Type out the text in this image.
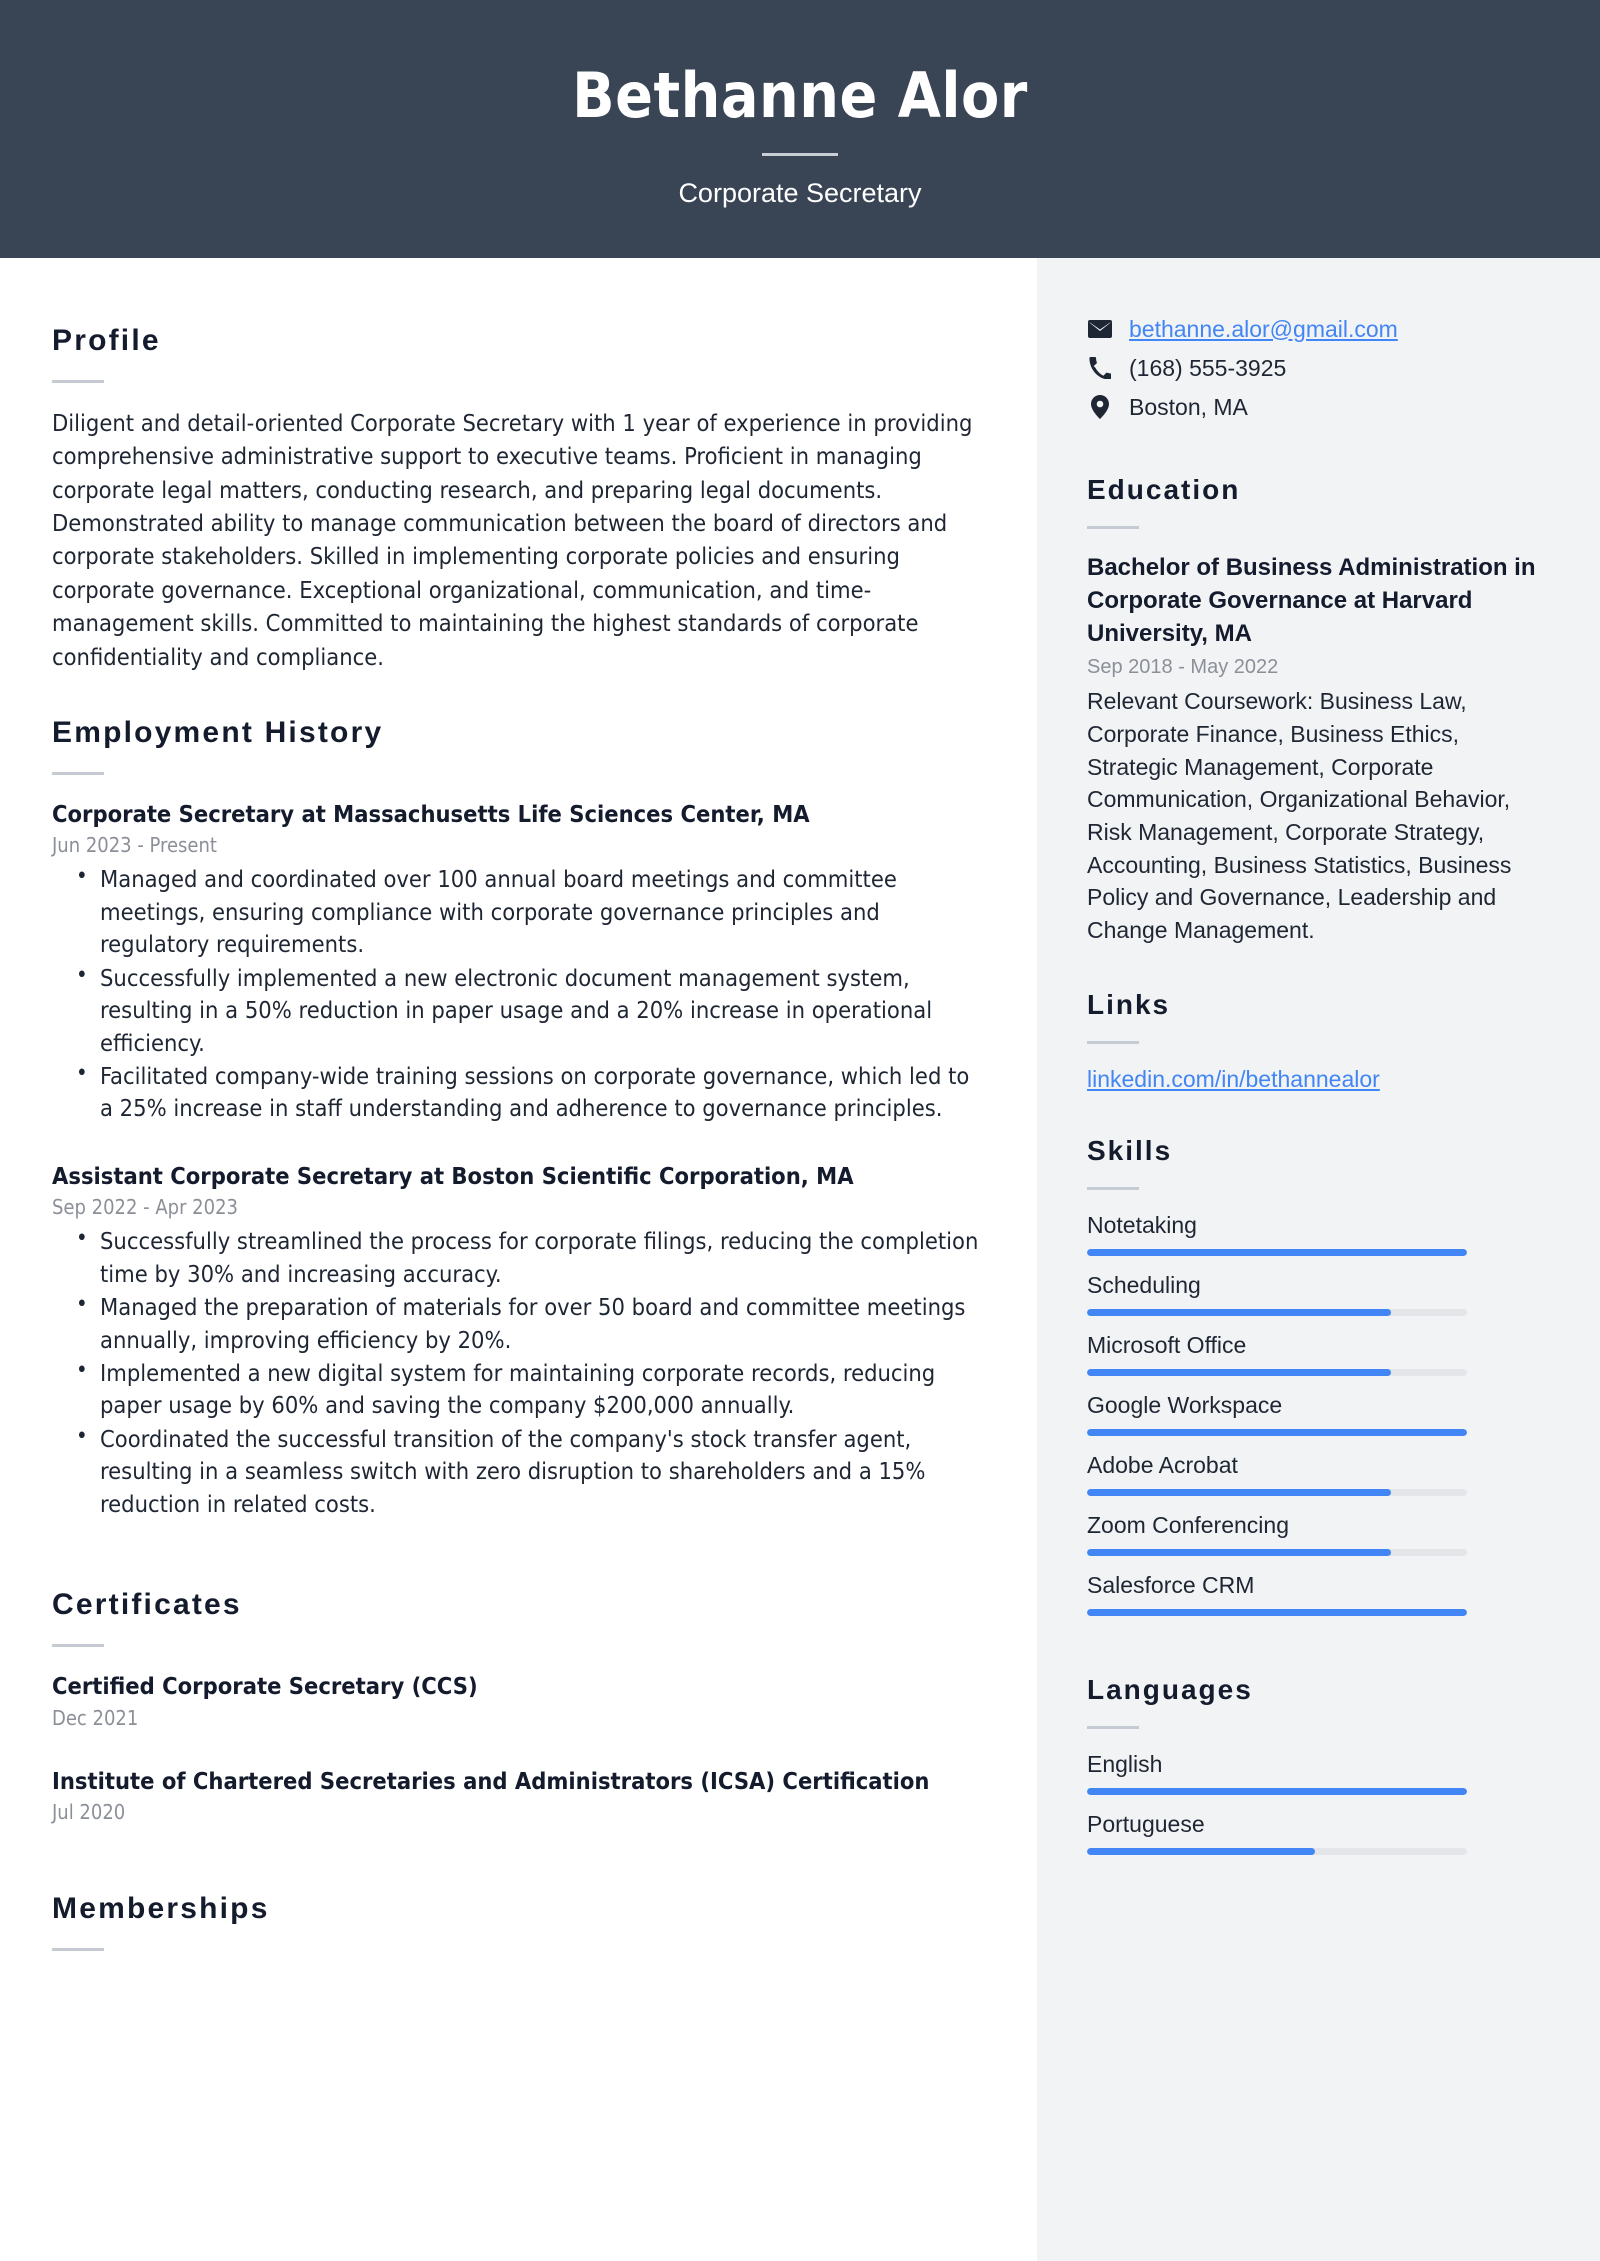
Bethanne Alor
Corporate Secretary
Profile
Diligent and detail-oriented Corporate Secretary with 1 year of experience in providing comprehensive administrative support to executive teams. Proficient in managing corporate legal matters, conducting research, and preparing legal documents. Demonstrated ability to manage communication between the board of directors and corporate stakeholders. Skilled in implementing corporate policies and ensuring corporate governance. Exceptional organizational, communication, and time-management skills. Committed to maintaining the highest standards of corporate confidentiality and compliance.
Employment History
Corporate Secretary at Massachusetts Life Sciences Center, MA
Jun 2023 - Present
• Managed and coordinated over 100 annual board meetings and committee meetings, ensuring compliance with corporate governance principles and regulatory requirements.
• Successfully implemented a new electronic document management system, resulting in a 50% reduction in paper usage and a 20% increase in operational efficiency.
• Facilitated company-wide training sessions on corporate governance, which led to a 25% increase in staff understanding and adherence to governance principles.
Assistant Corporate Secretary at Boston Scientific Corporation, MA
Sep 2022 - Apr 2023
• Successfully streamlined the process for corporate filings, reducing the completion time by 30% and increasing accuracy.
• Managed the preparation of materials for over 50 board and committee meetings annually, improving efficiency by 20%.
• Implemented a new digital system for maintaining corporate records, reducing paper usage by 60% and saving the company $200,000 annually.
• Coordinated the successful transition of the company's stock transfer agent, resulting in a seamless switch with zero disruption to shareholders and a 15% reduction in related costs.
Certificates
Certified Corporate Secretary (CCS)
Dec 2021
Institute of Chartered Secretaries and Administrators (ICSA) Certification
Jul 2020
Memberships
bethanne.alor@gmail.com
(168) 555-3925
Boston, MA
Education
Bachelor of Business Administration in Corporate Governance at Harvard University, MA
Sep 2018 - May 2022
Relevant Coursework: Business Law, Corporate Finance, Business Ethics, Strategic Management, Corporate Communication, Organizational Behavior, Risk Management, Corporate Strategy, Accounting, Business Statistics, Business Policy and Governance, Leadership and Change Management.
Links
linkedin.com/in/bethannealor
Skills
Notetaking
Scheduling
Microsoft Office
Google Workspace
Adobe Acrobat
Zoom Conferencing
Salesforce CRM
Languages
English
Portuguese
